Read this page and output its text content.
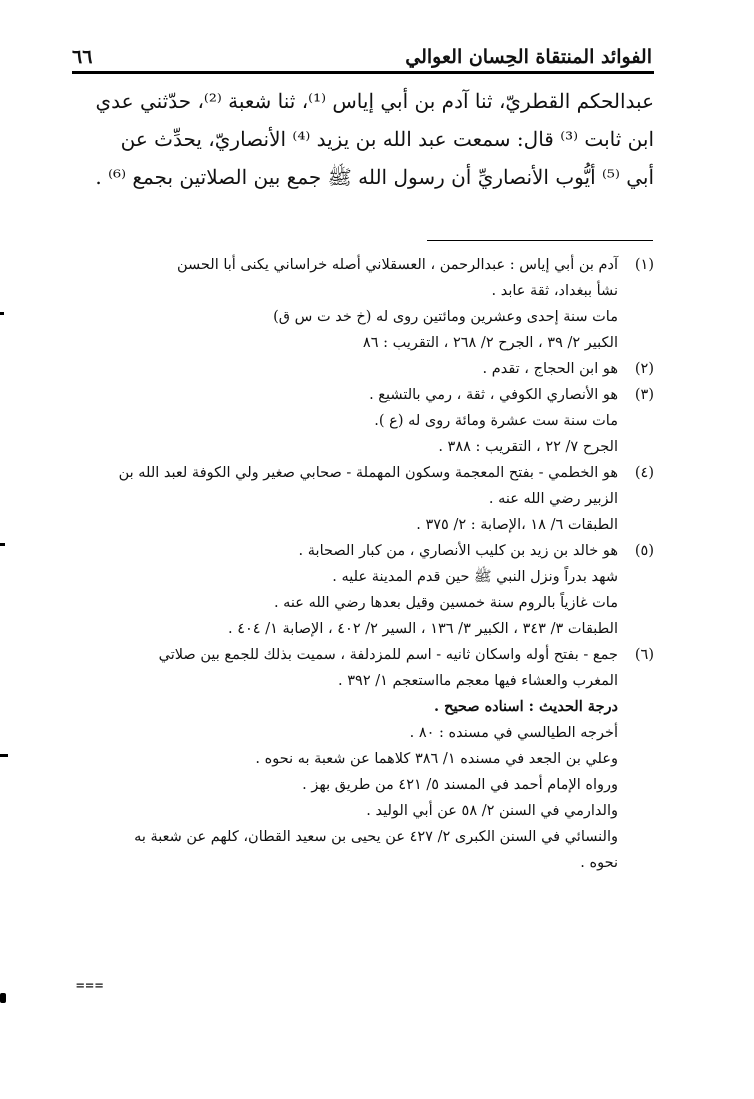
الفوائد المنتقاة الحِسان العوالي
٦٦

عبدالحكم القطريّ، ثنا آدم بن أبي إياس ⁽¹⁾، ثنا شعبة ⁽²⁾، حدّثني عدي

ابن ثابت ⁽³⁾ قال: سمعت عبد الله بن يزيد ⁽⁴⁾ الأنصاريّ، يحدِّث عن

أبي ⁽⁵⁾ أيُّوب الأنصاريِّ أن رسول الله ﷺ جمع بين الصلاتين بجمع ⁽⁶⁾ .

(١)آدم بن أبي إياس : عبدالرحمن ، العسقلاني أصله خراساني يكنى أبا الحسن

نشأ ببغداد، ثقة عابد .

مات سنة إحدى وعشرين ومائتين روى له (خ خد ت س ق)

الكبير ٢/ ٣٩ ، الجرح ٢/ ٢٦٨ ، التقريب : ٨٦

(٢)هو ابن الحجاج ، تقدم .

(٣)هو الأنصاري الكوفي ، ثقة ، رمي بالتشيع .

مات سنة ست عشرة ومائة روى له (ع ).

الجرح ٧/ ٢٢ ، التقريب : ٣٨٨ .

(٤)هو الخطمي - بفتح المعجمة وسكون المهملة - صحابي صغير ولي الكوفة لعبد الله بن

الزبير رضي الله عنه .

الطبقات ٦/ ١٨ ،الإصابة : ٢/ ٣٧٥ .

(٥)هو خالد بن زيد بن كليب الأنصاري ، من كبار الصحابة .

شهد بدراً ونزل النبي ﷺ حين قدم المدينة عليه .

مات غازياً بالروم سنة خمسين وقيل بعدها رضي الله عنه .

الطبقات ٣/ ٣٤٣ ، الكبير ٣/ ١٣٦ ، السير ٢/ ٤٠٢ ، الإصابة ١/ ٤٠٤ .

(٦)جمع - بفتح أوله واسكان ثانيه - اسم للمزدلفة ، سميت بذلك للجمع بين صلاتي

المغرب والعشاء فيها معجم مااستعجم ١/ ٣٩٢ .

درجة الحديث : اسناده صحيح .

أخرجه الطيالسي في مسنده : ٨٠ .

وعلي بن الجعد في مسنده ١/ ٣٨٦ كلاهما عن شعبة به نحوه .

ورواه الإمام أحمد في المسند ٥/ ٤٢١ من طريق بهز .

والدارمي في السنن ٢/ ٥٨ عن أبي الوليد .

والنسائي في السنن الكبرى ٢/ ٤٢٧ عن يحيى بن سعيد القطان، كلهم عن شعبة به

نحوه .

===
